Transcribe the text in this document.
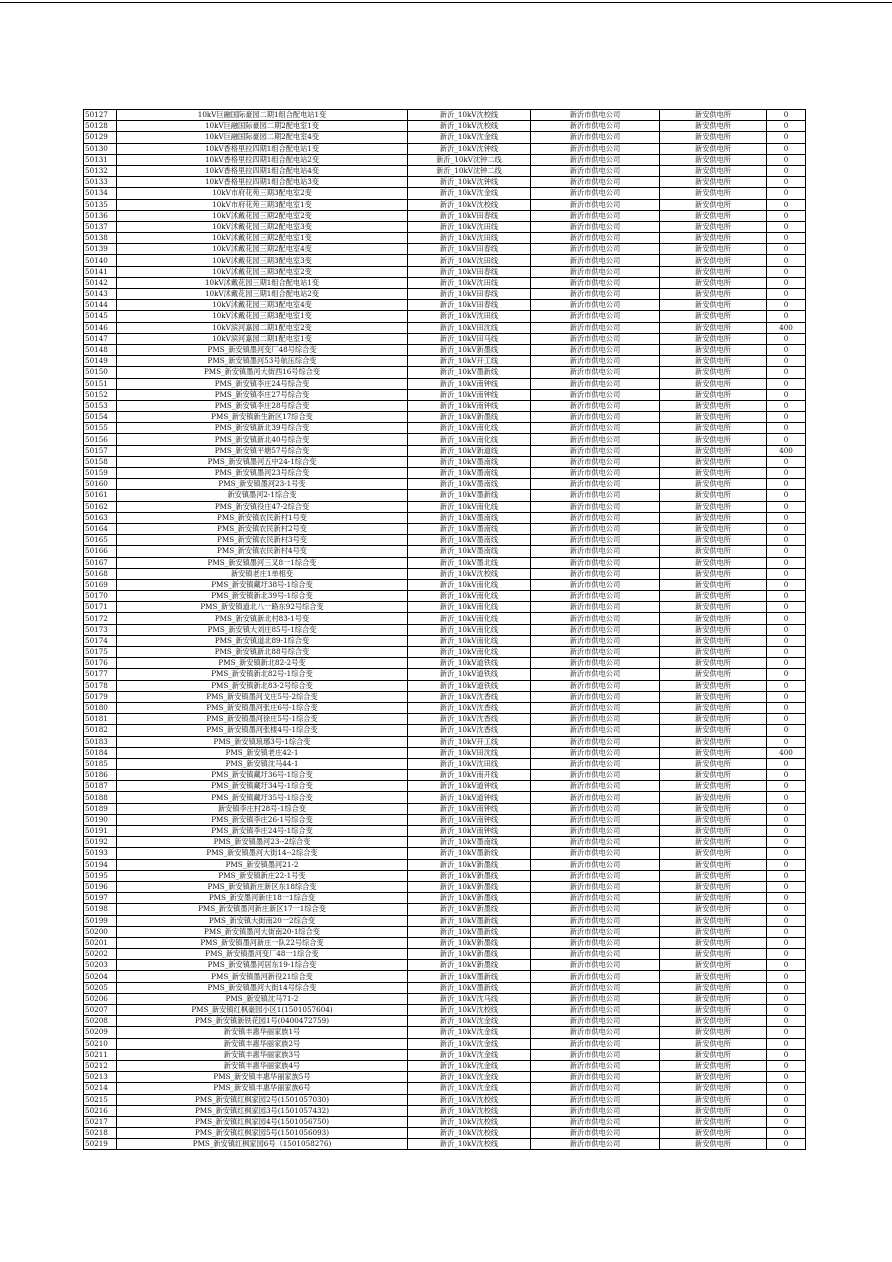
50127	10kV巨融国际豪园二期1组合配电站1变	新沂_10kV沈校线	新沂市供电公司	新安供电所	0
50128	10kV巨融国际豪园二期2配电室1变	新沂_10kV沈校线	新沂市供电公司	新安供电所	0
50129	10kV巨融国际豪园二期2配电室4变	新沂_10kV沈金线	新沂市供电公司	新安供电所	0
50130	10kV香格里拉四期1组合配电站1变	新沂_10kV沈钟线	新沂市供电公司	新安供电所	0
50131	10kV香格里拉四期1组合配电站2变	新沂_10kV沈钟二线	新沂市供电公司	新安供电所	0
50132	10kV香格里拉四期1组合配电站4变	新沂_10kV沈钟二线	新沂市供电公司	新安供电所	0
50133	10kV香格里拉四期1组合配电站3变	新沂_10kV沈钟线	新沂市供电公司	新安供电所	0
50134	10kV市府花苑三期3配电室2变	新沂_10kV沈金线	新沂市供电公司	新安供电所	0
50135	10kV市府花苑三期3配电室1变	新沂_10kV沈校线	新沂市供电公司	新安供电所	0
50136	10kV沭戴花园三期2配电室2变	新沂_10kV田春线	新沂市供电公司	新安供电所	0
50137	10kV沭戴花园三期2配电室3变	新沂_10kV沈田线	新沂市供电公司	新安供电所	0
50138	10kV沭戴花园三期2配电室1变	新沂_10kV沈田线	新沂市供电公司	新安供电所	0
50139	10kV沭戴花园三期2配电室4变	新沂_10kV田春线	新沂市供电公司	新安供电所	0
50140	10kV沭戴花园三期3配电室3变	新沂_10kV沈田线	新沂市供电公司	新安供电所	0
50141	10kV沭戴花园三期3配电室2变	新沂_10kV田春线	新沂市供电公司	新安供电所	0
50142	10kV沭戴花园三期1组合配电站1变	新沂_10kV沈田线	新沂市供电公司	新安供电所	0
50143	10kV沭戴花园三期1组合配电站2变	新沂_10kV田春线	新沂市供电公司	新安供电所	0
50144	10kV沭戴花园三期3配电室4变	新沂_10kV田春线	新沂市供电公司	新安供电所	0
50145	10kV沭戴花园三期3配电室1变	新沂_10kV沈田线	新沂市供电公司	新安供电所	0
50146	10kV滨河嘉园二期1配电室2变	新沂_10kV田沈线	新沂市供电公司	新安供电所	400
50147	10kV滨河嘉园二期1配电室1变	新沂_10kV田马线	新沂市供电公司	新安供电所	0
50148	PMS_新安镇墨河变厂48号综合变	新沂_10kV新墨线	新沂市供电公司	新安供电所	0
50149	PMS_新安镇墨河53号航压综合变	新沂_10kV开工线	新沂市供电公司	新安供电所	0
50150	PMS_新安镇墨河大街西16号综合变	新沂_10kV墨新线	新沂市供电公司	新安供电所	0
50151	PMS_新安镇李庄24号综合变	新沂_10kV南钟线	新沂市供电公司	新安供电所	0
50152	PMS_新安镇李庄27号综合变	新沂_10kV南钟线	新沂市供电公司	新安供电所	0
50153	PMS_新安镇李庄28号综合变	新沂_10kV南钟线	新沂市供电公司	新安供电所	0
50154	PMS_新安镇新生新区17综合变	新沂_10kV新墨线	新沂市供电公司	新安供电所	0
50155	PMS_新安镇新北39号综合变	新沂_10kV南化线	新沂市供电公司	新安供电所	0
50156	PMS_新安镇新北40号综合变	新沂_10kV南化线	新沂市供电公司	新安供电所	0
50157	PMS_新安镇平塘57号综合变	新沂_10kV新道线	新沂市供电公司	新安供电所	400
50158	PMS_新安镇墨河五中24-1综合变	新沂_10kV墨南线	新沂市供电公司	新安供电所	0
50159	PMS_新安镇墨河23号综合变	新沂_10kV墨南线	新沂市供电公司	新安供电所	0
50160	PMS_新安镇墨河23-1号变	新沂_10kV墨南线	新沂市供电公司	新安供电所	0
50161	新安镇墨河2-1综合变	新沂_10kV墨新线	新沂市供电公司	新安供电所	0
50162	PMS_新安镇役庄47-2综合变	新沂_10kV南化线	新沂市供电公司	新安供电所	0
50163	PMS_新安镇农民新村1号变	新沂_10kV墨南线	新沂市供电公司	新安供电所	0
50164	PMS_新安镇农民新村2号变	新沂_10kV墨南线	新沂市供电公司	新安供电所	0
50165	PMS_新安镇农民新村3号变	新沂_10kV墨南线	新沂市供电公司	新安供电所	0
50166	PMS_新安镇农民新村4号变	新沂_10kV墨南线	新沂市供电公司	新安供电所	0
50167	PMS_新安镇墨河三叉8一1综合变	新沂_10kV墨北线	新沂市供电公司	新安供电所	0
50168	新安镇老庄1单相变	新沂_10kV沈校线	新沂市供电公司	新安供电所	0
50169	PMS_新安镇藏圩38号-1综合变	新沂_10kV南化线	新沂市供电公司	新安供电所	0
50170	PMS_新安镇新北39号-1综合变	新沂_10kV南化线	新沂市供电公司	新安供电所	0
50171	PMS_新安镇道北八一路东92号综合变	新沂_10kV南化线	新沂市供电公司	新安供电所	0
50172	PMS_新安镇新北村83-1号变	新沂_10kV南化线	新沂市供电公司	新安供电所	0
50173	PMS_新安镇大刘庄85号-1综合变	新沂_10kV南化线	新沂市供电公司	新安供电所	0
50174	PMS_新安镇道北89-1综合变	新沂_10kV南化线	新沂市供电公司	新安供电所	0
50175	PMS_新安镇新北88号综合变	新沂_10kV南化线	新沂市供电公司	新安供电所	0
50176	PMS_新安镇新北82-2号变	新沂_10kV道铁线	新沂市供电公司	新安供电所	0
50177	PMS_新安镇新北82号-1综合变	新沂_10kV道铁线	新沂市供电公司	新安供电所	0
50178	PMS_新安镇新北83-2号综合变	新沂_10kV道铁线	新沂市供电公司	新安供电所	0
50179	PMS_新安镇墨河戈庄5号-2综合变	新沂_10kV沈香线	新沂市供电公司	新安供电所	0
50180	PMS_新安镇墨河张庄6号-1综合变	新沂_10kV沈香线	新沂市供电公司	新安供电所	0
50181	PMS_新安镇墨河徐庄5号-1综合变	新沂_10kV沈香线	新沂市供电公司	新安供电所	0
50182	PMS_新安镇墨河张楼4号-1综合变	新沂_10kV沈香线	新沂市供电公司	新安供电所	0
50183	PMS_新安镇琅琊3号-1综合变	新沂_10kV开工线	新沂市供电公司	新安供电所	0
50184	PMS_新安镇老庄42-1	新沂_10kV田沈线	新沂市供电公司	新安供电所	400
50185	PMS_新安镇沈马44-1	新沂_10kV沈田线	新沂市供电公司	新安供电所	0
50186	PMS_新安镇藏圩36号-1综合变	新沂_10kV南开线	新沂市供电公司	新安供电所	0
50187	PMS_新安镇藏圩34号-1综合变	新沂_10kV道钟线	新沂市供电公司	新安供电所	0
50188	PMS_新安镇藏圩35号-1综合变	新沂_10kV道钟线	新沂市供电公司	新安供电所	0
50189	新安镇李庄村28号-1综合变	新沂_10kV南钟线	新沂市供电公司	新安供电所	0
50190	PMS_新安镇李庄26-1号综合变	新沂_10kV南钟线	新沂市供电公司	新安供电所	0
50191	PMS_新安镇李庄24号-1综合变	新沂_10kV南钟线	新沂市供电公司	新安供电所	0
50192	PMS_新安镇墨河23--2综合变	新沂_10kV墨南线	新沂市供电公司	新安供电所	0
50193	PMS_新安镇墨河大街14--2综合变	新沂_10kV墨新线	新沂市供电公司	新安供电所	0
50194	PMS_新安镇墨河21-2	新沂_10kV新墨线	新沂市供电公司	新安供电所	0
50195	PMS_新安镇新庄22-1号变	新沂_10kV新墨线	新沂市供电公司	新安供电所	0
50196	PMS_新安镇新庄新区东18综合变	新沂_10kV新墨线	新沂市供电公司	新安供电所	0
50197	PMS_新安墨河新庄18一1综合变	新沂_10kV新墨线	新沂市供电公司	新安供电所	0
50198	PMS_新安镇墨河新庄新区17一1综合变	新沂_10kV新墨线	新沂市供电公司	新安供电所	0
50199	PMS_新安镇大街南20一2综合变	新沂_10kV墨新线	新沂市供电公司	新安供电所	0
50200	PMS_新安镇墨河大街南20-1综合变	新沂_10kV墨新线	新沂市供电公司	新安供电所	0
50201	PMS_新安镇墨河新庄一队22号综合变	新沂_10kV新墨线	新沂市供电公司	新安供电所	0
50202	PMS_新安镇墨河变厂48一1综合变	新沂_10kV新墨线	新沂市供电公司	新安供电所	0
50203	PMS_新安镇墨河居东19-1综合变	新沂_10kV新墨线	新沂市供电公司	新安供电所	0
50204	PMS_新安镇墨河新役21综合变	新沂_10kV墨新线	新沂市供电公司	新安供电所	0
50205	PMS_新安镇墨河大街14号综合变	新沂_10kV墨新线	新沂市供电公司	新安供电所	0
50206	PMS_新安镇沈马71-2	新沂_10kV沈马线	新沂市供电公司	新安供电所	0
50207	PMS_新安镇红枫豪园小区1(1501057604)	新沂_10kV沈校线	新沂市供电公司	新安供电所	0
50208	PMS_新安镇新铁花园1号(0400472759)	新沂_10kV沈金线	新沂市供电公司	新安供电所	0
50209	新安镇丰惠华丽家族1号	新沂_10kV沈金线	新沂市供电公司	新安供电所	0
50210	新安镇丰惠华丽家族2号	新沂_10kV沈金线	新沂市供电公司	新安供电所	0
50211	新安镇丰惠华丽家族3号	新沂_10kV沈金线	新沂市供电公司	新安供电所	0
50212	新安镇丰惠华丽家族4号	新沂_10kV沈金线	新沂市供电公司	新安供电所	0
50213	PMS_新安镇丰惠华丽家族5号	新沂_10kV沈金线	新沂市供电公司	新安供电所	0
50214	PMS_新安镇丰惠华丽家族6号	新沂_10kV沈金线	新沂市供电公司	新安供电所	0
50215	PMS_新安镇红枫家园2号(1501057030)	新沂_10kV沈校线	新沂市供电公司	新安供电所	0
50216	PMS_新安镇红枫家园3号(1501057432)	新沂_10kV沈校线	新沂市供电公司	新安供电所	0
50217	PMS_新安镇红枫家园4号(1501056750)	新沂_10kV沈校线	新沂市供电公司	新安供电所	0
50218	PMS_新安镇红枫家园5号(1501056093)	新沂_10kV沈校线	新沂市供电公司	新安供电所	0
50219	PMS_新安镇红枫家园6号（1501058276)	新沂_10kV沈校线	新沂市供电公司	新安供电所	0
